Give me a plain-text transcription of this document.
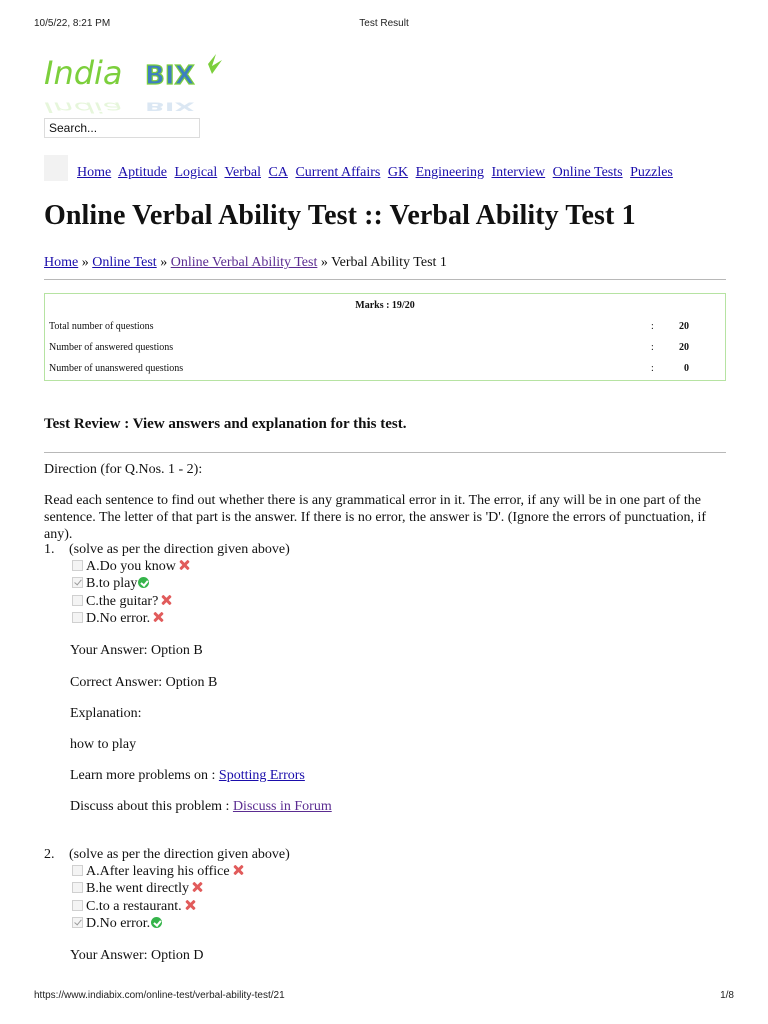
10/5/22, 8:21 PM	Test Result
India BIX
India BIX
Search...
Home Aptitude Logical Verbal CA Current Affairs GK Engineering Interview Online Tests Puzzles
Online Verbal Ability Test :: Verbal Ability Test 1
Home » Online Test » Online Verbal Ability Test » Verbal Ability Test 1
Marks : 19/20
Total number of questions	:	20
Number of answered questions	:	20
Number of unanswered questions	:	0
Test Review : View answers and explanation for this test.
Direction (for Q.Nos. 1 - 2):
Read each sentence to find out whether there is any grammatical error in it. The error, if any will be in one part of the sentence. The letter of that part is the answer. If there is no error, the answer is 'D'. (Ignore the errors of punctuation, if any).
1. (solve as per the direction given above)
A.Do you know
B.to play
C.the guitar?
D.No error.
Your Answer: Option B
Correct Answer: Option B
Explanation:
how to play
Learn more problems on : Spotting Errors
Discuss about this problem : Discuss in Forum
2. (solve as per the direction given above)
A.After leaving his office
B.he went directly
C.to a restaurant.
D.No error.
Your Answer: Option D
https://www.indiabix.com/online-test/verbal-ability-test/21	1/8
